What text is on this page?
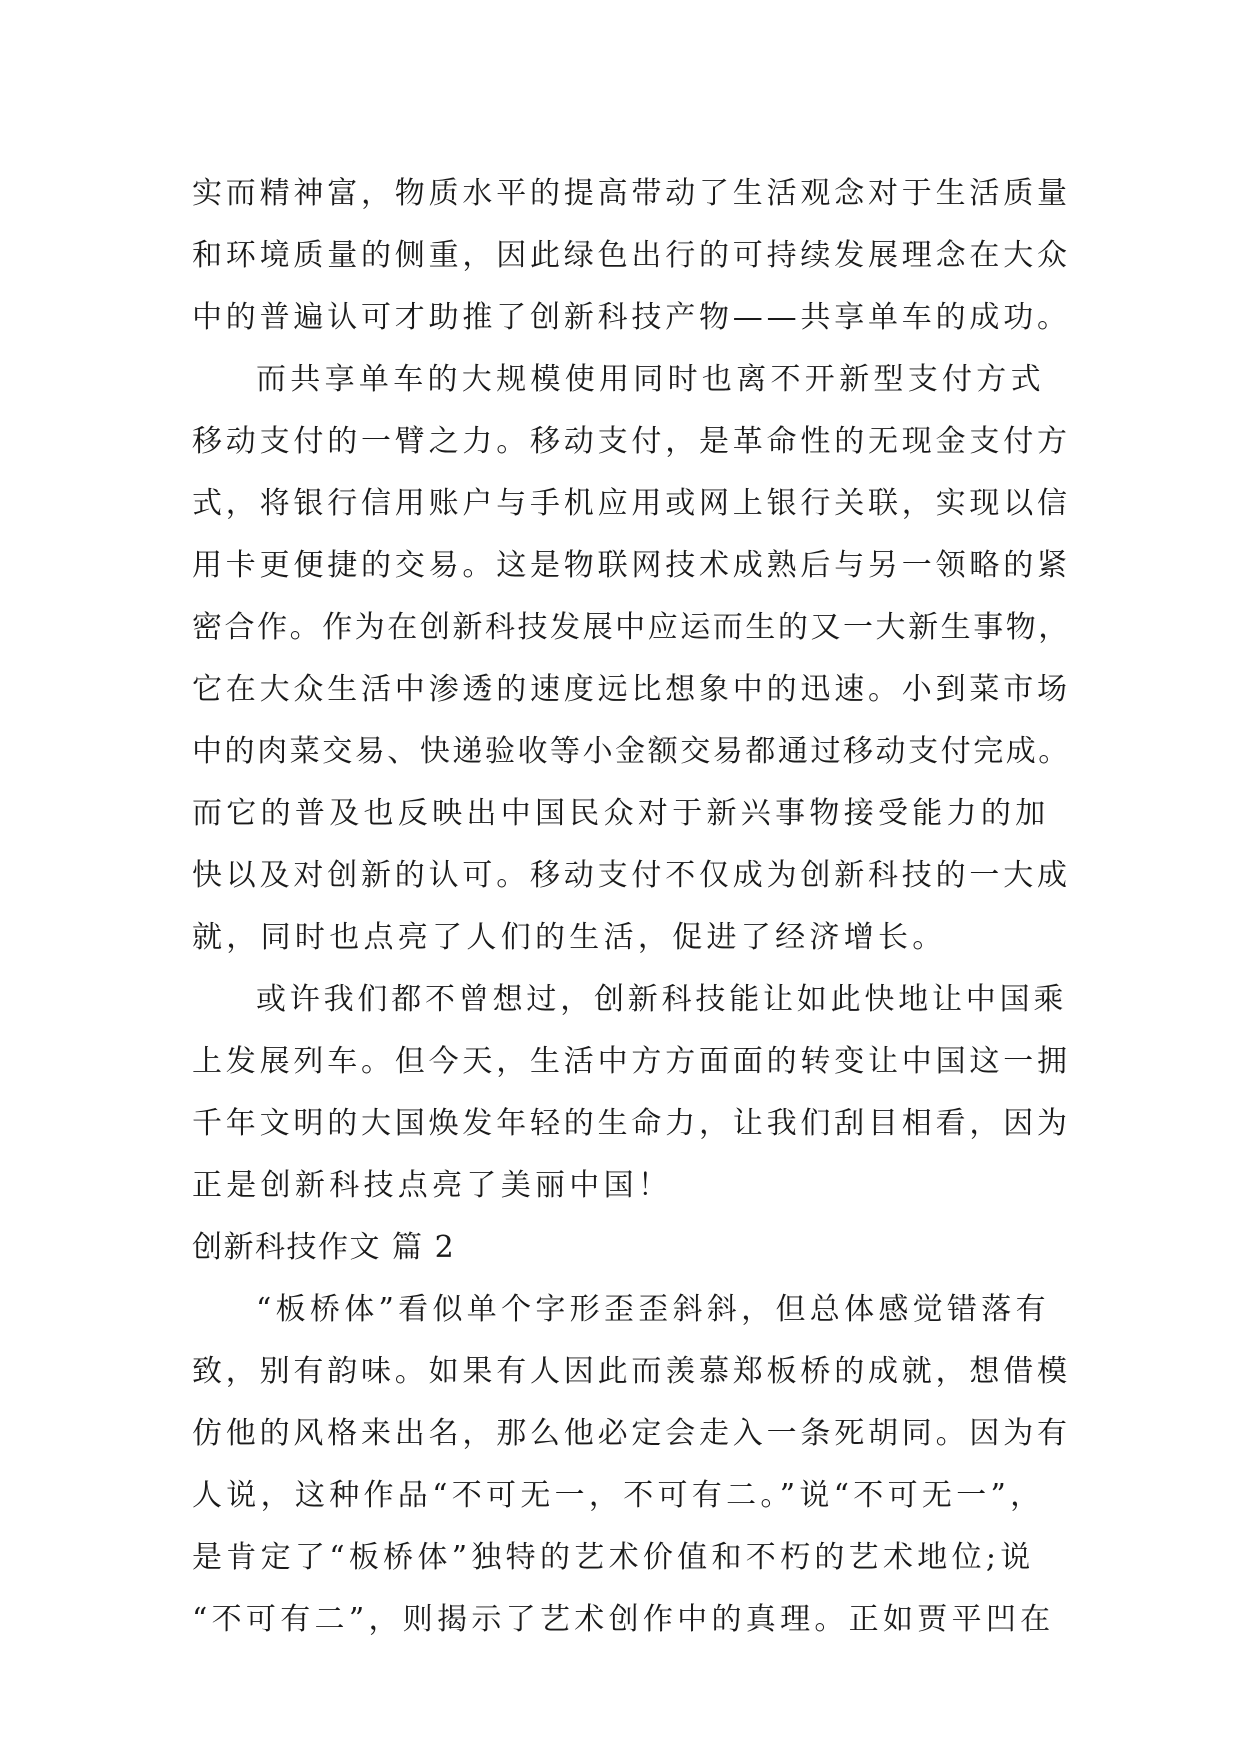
实而精神富，物质水平的提高带动了生活观念对于生活质量
和环境质量的侧重，因此绿色出行的可持续发展理念在大众
中的普遍认可才助推了创新科技产物——共享单车的成功。
而共享单车的大规模使用同时也离不开新型支付方式
移动支付的一臂之力。移动支付，是革命性的无现金支付方
式，将银行信用账户与手机应用或网上银行关联，实现以信
用卡更便捷的交易。这是物联网技术成熟后与另一领略的紧
密合作。作为在创新科技发展中应运而生的又一大新生事物，
它在大众生活中渗透的速度远比想象中的迅速。小到菜市场
中的肉菜交易、快递验收等小金额交易都通过移动支付完成。
而它的普及也反映出中国民众对于新兴事物接受能力的加
快以及对创新的认可。移动支付不仅成为创新科技的一大成
就，同时也点亮了人们的生活，促进了经济增长。
或许我们都不曾想过，创新科技能让如此快地让中国乘
上发展列车。但今天，生活中方方面面的转变让中国这一拥
千年文明的大国焕发年轻的生命力，让我们刮目相看，因为
正是创新科技点亮了美丽中国！
创新科技作文 篇 2
“板桥体”看似单个字形歪歪斜斜，但总体感觉错落有
致，别有韵味。如果有人因此而羡慕郑板桥的成就，想借模
仿他的风格来出名，那么他必定会走入一条死胡同。因为有
人说，这种作品“不可无一，不可有二。”说“不可无一”，
是肯定了“板桥体”独特的艺术价值和不朽的艺术地位;说
“不可有二”，则揭示了艺术创作中的真理。正如贾平凹在
